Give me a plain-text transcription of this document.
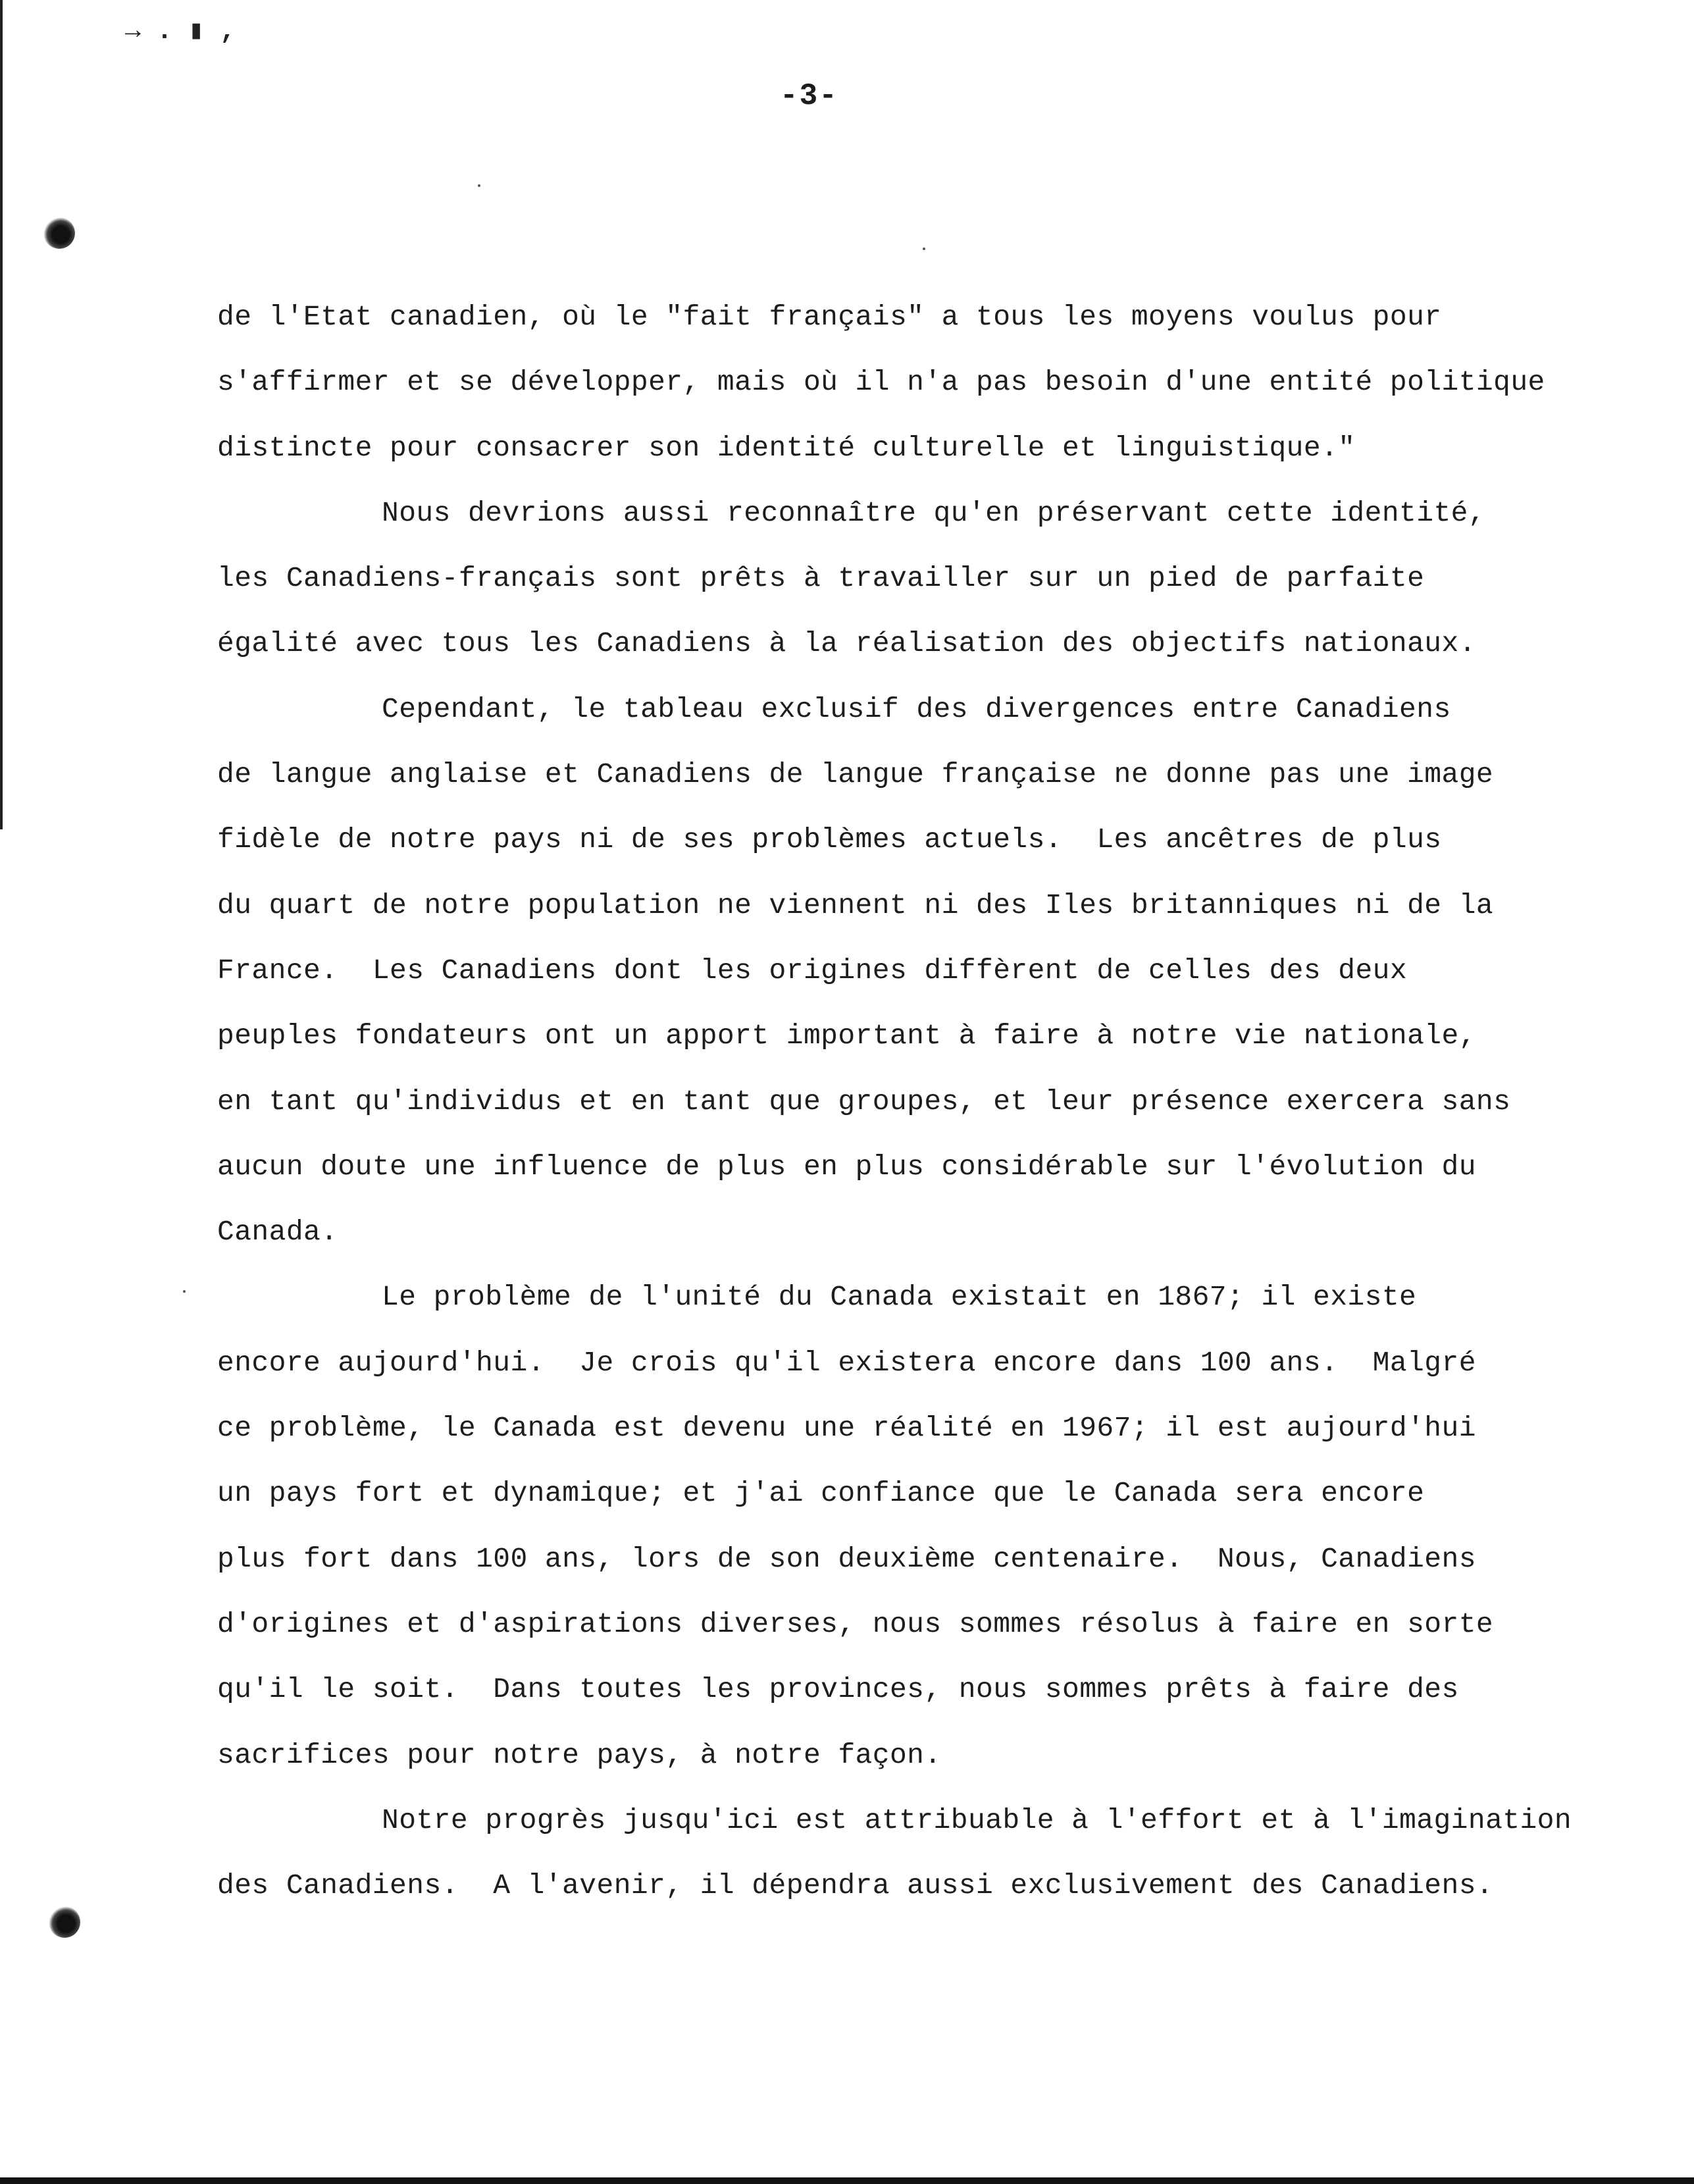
→ . ▮ ,
-3-
de l'Etat canadien, où le "fait français" a tous les moyens voulus pour
s'affirmer et se développer, mais où il n'a pas besoin d'une entité politique
distincte pour consacrer son identité culturelle et linguistique."
Nous devrions aussi reconnaître qu'en préservant cette identité,
les Canadiens-français sont prêts à travailler sur un pied de parfaite
égalité avec tous les Canadiens à la réalisation des objectifs nationaux.
Cependant, le tableau exclusif des divergences entre Canadiens
de langue anglaise et Canadiens de langue française ne donne pas une image
fidèle de notre pays ni de ses problèmes actuels.  Les ancêtres de plus
du quart de notre population ne viennent ni des Iles britanniques ni de la
France.  Les Canadiens dont les origines diffèrent de celles des deux
peuples fondateurs ont un apport important à faire à notre vie nationale,
en tant qu'individus et en tant que groupes, et leur présence exercera sans
aucun doute une influence de plus en plus considérable sur l'évolution du
Canada.
Le problème de l'unité du Canada existait en 1867; il existe
encore aujourd'hui.  Je crois qu'il existera encore dans 100 ans.  Malgré
ce problème, le Canada est devenu une réalité en 1967; il est aujourd'hui
un pays fort et dynamique; et j'ai confiance que le Canada sera encore
plus fort dans 100 ans, lors de son deuxième centenaire.  Nous, Canadiens
d'origines et d'aspirations diverses, nous sommes résolus à faire en sorte
qu'il le soit.  Dans toutes les provinces, nous sommes prêts à faire des
sacrifices pour notre pays, à notre façon.
Notre progrès jusqu'ici est attribuable à l'effort et à l'imagination
des Canadiens.  A l'avenir, il dépendra aussi exclusivement des Canadiens.
